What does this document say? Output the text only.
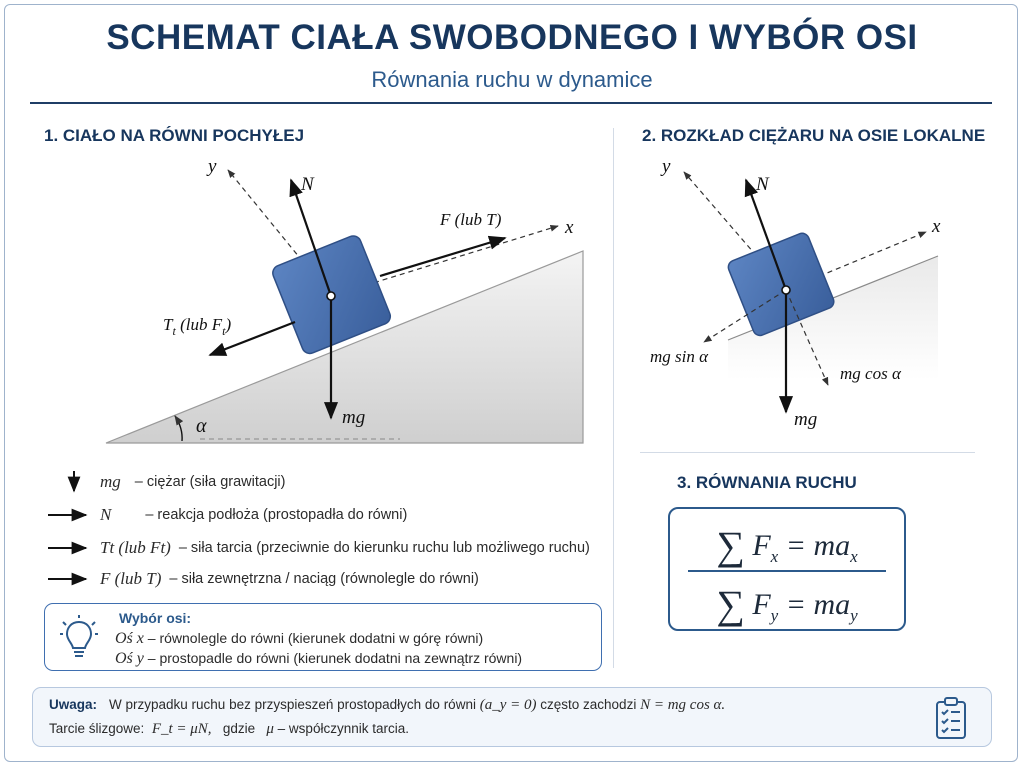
SCHEMAT CIAŁA SWOBODNEGO I WYBÓR OSI
Równania ruchu w dynamice
1. CIAŁO NA RÓWNI POCHYŁEJ
y
x
N
F (lub T)
$T_t$ (lub $F_t$)
mg
α
2. ROZKŁAD CIĘŻARU NA OSIE LOKALNE
y
x
N
mg sin α
mg cos α
mg
3. RÓWNANIA RUCHU
∑ $F_x = ma_x$
∑ $F_y = ma_y$
mg – ciężar (siła grawitacji)
N – reakcja podłoża (prostopadła do równi)
Tt (lub Ft) – siła tarcia (przeciwnie do kierunku ruchu lub możliwego ruchu)
F (lub T) – siła zewnętrzna / naciąg (równolegle do równi)
Wybór osi:
Oś x – równolegle do równi (kierunek dodatni w górę równi)
Oś y – prostopadle do równi (kierunek dodatni na zewnątrz równi)
Uwaga: W przypadku ruchu bez przyspieszeń prostopadłych do równi (a_y = 0) często zachodzi N = mg cos α.
Tarcie ślizgowe: F_t = μN, gdzie μ – współczynnik tarcia.
